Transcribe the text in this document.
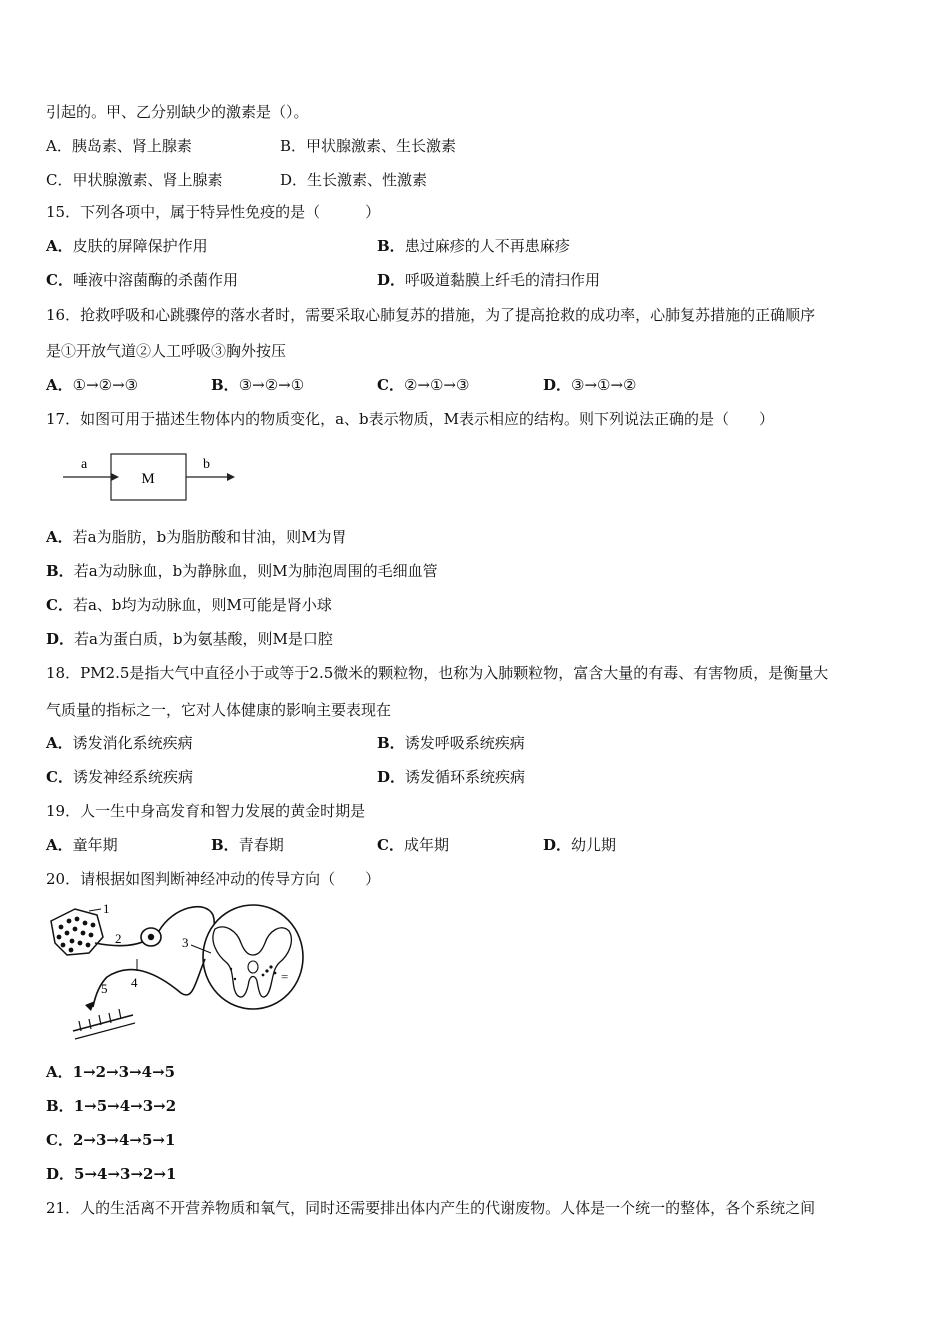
引起的。甲、乙分别缺少的激素是（）。
A．胰岛素、肾上腺素	B．甲状腺激素、生长激素
C．甲状腺激素、肾上腺素	D．生长激素、性激素
15．下列各项中，属于特异性免疫的是（　　　）
A．皮肤的屏障保护作用	B．患过麻疹的人不再患麻疹
C．唾液中溶菌酶的杀菌作用	D．呼吸道黏膜上纤毛的清扫作用
16．抢救呼吸和心跳骤停的落水者时，需要采取心肺复苏的措施，为了提高抢救的成功率，心肺复苏措施的正确顺序
是①开放气道②人工呼吸③胸外按压
A．①→②→③	B．③→②→①	C．②→①→③	D．③→①→②
17．如图可用于描述生物体内的物质变化，a、b表示物质，M表示相应的结构。则下列说法正确的是（　　）
a
M
b
A．若a为脂肪，b为脂肪酸和甘油，则M为胃
B．若a为动脉血，b为静脉血，则M为肺泡周围的毛细血管
C．若a、b均为动脉血，则M可能是肾小球
D．若a为蛋白质，b为氨基酸，则M是口腔
18．PM2.5是指大气中直径小于或等于2.5微米的颗粒物，也称为入肺颗粒物，富含大量的有毒、有害物质，是衡量大
气质量的指标之一，它对人体健康的影响主要表现在
A．诱发消化系统疾病	B．诱发呼吸系统疾病
C．诱发神经系统疾病	D．诱发循环系统疾病
19．人一生中身高发育和智力发展的黄金时期是
A．童年期	B．青春期	C．成年期	D．幼儿期
20．请根据如图判断神经冲动的传导方向（　　）
=
1
2	3
4
5
A．1→2→3→4→5
B．1→5→4→3→2
C．2→3→4→5→1
D．5→4→3→2→1
21．人的生活离不开营养物质和氧气，同时还需要排出体内产生的代谢废物。人体是一个统一的整体，各个系统之间
